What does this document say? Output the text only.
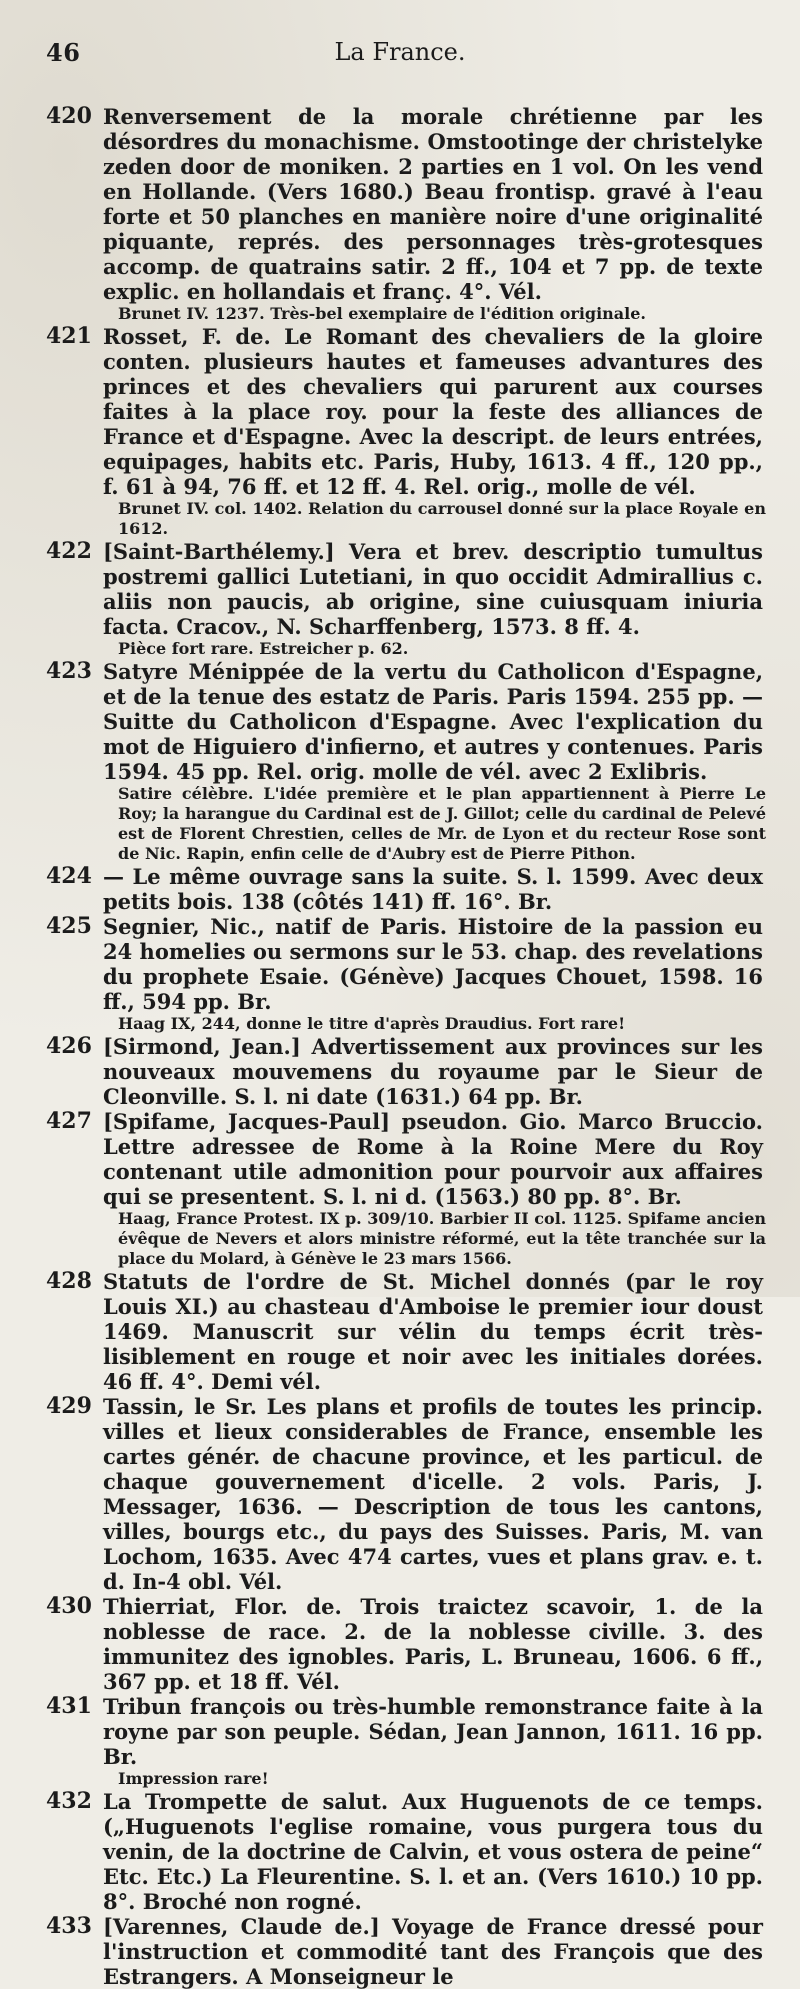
46	La France.
420 Renversement de la morale chrétienne par les désordres du monachisme. Omstootinge der christelyke zeden door de moniken. 2 parties en 1 vol. On les vend en Hollande. (Vers 1680.) Beau frontisp. gravé à l'eau forte et 50 planches en manière noire d'une originalité piquante, représ. des personnages très-grotesques accomp. de quatrains satir. 2 ff., 104 et 7 pp. de texte explic. en hollandais et franç. 4°. Vél.
Brunet IV. 1237. Très-bel exemplaire de l'édition originale.
421 Rosset, F. de. Le Romant des chevaliers de la gloire conten. plusieurs hautes et fameuses advantures des princes et des chevaliers qui parurent aux courses faites à la place roy. pour la feste des alliances de France et d'Espagne. Avec la descript. de leurs entrées, equipages, habits etc. Paris, Huby, 1613. 4 ff., 120 pp., f. 61 à 94, 76 ff. et 12 ff. 4. Rel. orig., molle de vél.
Brunet IV. col. 1402. Relation du carrousel donné sur la place Royale en 1612.
422 [Saint-Barthélemy.] Vera et brev. descriptio tumultus postremi gallici Lutetiani, in quo occidit Admirallius c. aliis non paucis, ab origine, sine cuiusquam iniuria facta. Cracov., N. Scharffenberg, 1573. 8 ff. 4.
Pièce fort rare. Estreicher p. 62.
423 Satyre Ménippée de la vertu du Catholicon d'Espagne, et de la tenue des estatz de Paris. Paris 1594. 255 pp. — Suitte du Catholicon d'Espagne. Avec l'explication du mot de Higuiero d'infierno, et autres y contenues. Paris 1594. 45 pp. Rel. orig. molle de vél. avec 2 Exlibris.
Satire célèbre. L'idée première et le plan appartiennent à Pierre Le Roy; la harangue du Cardinal est de J. Gillot; celle du cardinal de Pelevé est de Florent Chrestien, celles de Mr. de Lyon et du recteur Rose sont de Nic. Rapin, enfin celle de d'Aubry est de Pierre Pithon.
424 — Le même ouvrage sans la suite. S. l. 1599. Avec deux petits bois. 138 (côtés 141) ff. 16°. Br.
425 Segnier, Nic., natif de Paris. Histoire de la passion eu 24 homelies ou sermons sur le 53. chap. des revelations du prophete Esaie. (Génève) Jacques Chouet, 1598. 16 ff., 594 pp. Br.
Haag IX, 244, donne le titre d'après Draudius. Fort rare!
426 [Sirmond, Jean.] Advertissement aux provinces sur les nouveaux mouvemens du royaume par le Sieur de Cleonville. S. l. ni date (1631.) 64 pp. Br.
427 [Spifame, Jacques-Paul] pseudon. Gio. Marco Bruccio. Lettre adressee de Rome à la Roine Mere du Roy contenant utile admonition pour pourvoir aux affaires qui se presentent. S. l. ni d. (1563.) 80 pp. 8°. Br.
Haag, France Protest. IX p. 309/10. Barbier II col. 1125. Spifame ancien évêque de Nevers et alors ministre réformé, eut la tête tranchée sur la place du Molard, à Génève le 23 mars 1566.
428 Statuts de l'ordre de St. Michel donnés (par le roy Louis XI.) au chasteau d'Amboise le premier iour doust 1469. Manuscrit sur vélin du temps écrit très-lisiblement en rouge et noir avec les initiales dorées. 46 ff. 4°. Demi vél.
429 Tassin, le Sr. Les plans et profils de toutes les princip. villes et lieux considerables de France, ensemble les cartes génér. de chacune province, et les particul. de chaque gouvernement d'icelle. 2 vols. Paris, J. Messager, 1636. — Description de tous les cantons, villes, bourgs etc., du pays des Suisses. Paris, M. van Lochom, 1635. Avec 474 cartes, vues et plans grav. e. t. d. In-4 obl. Vél.
430 Thierriat, Flor. de. Trois traictez scavoir, 1. de la noblesse de race. 2. de la noblesse civille. 3. des immunitez des ignobles. Paris, L. Bruneau, 1606. 6 ff., 367 pp. et 18 ff. Vél.
431 Tribun françois ou très-humble remonstrance faite à la royne par son peuple. Sédan, Jean Jannon, 1611. 16 pp. Br.
Impression rare!
432 La Trompette de salut. Aux Huguenots de ce temps. („Huguenots l'eglise romaine, vous purgera tous du venin, de la doctrine de Calvin, et vous ostera de peine“ Etc. Etc.) La Fleurentine. S. l. et an. (Vers 1610.) 10 pp. 8°. Broché non rogné.
433 [Varennes, Claude de.] Voyage de France dressé pour l'instruction et commodité tant des François que des Estrangers. A Monseigneur le
